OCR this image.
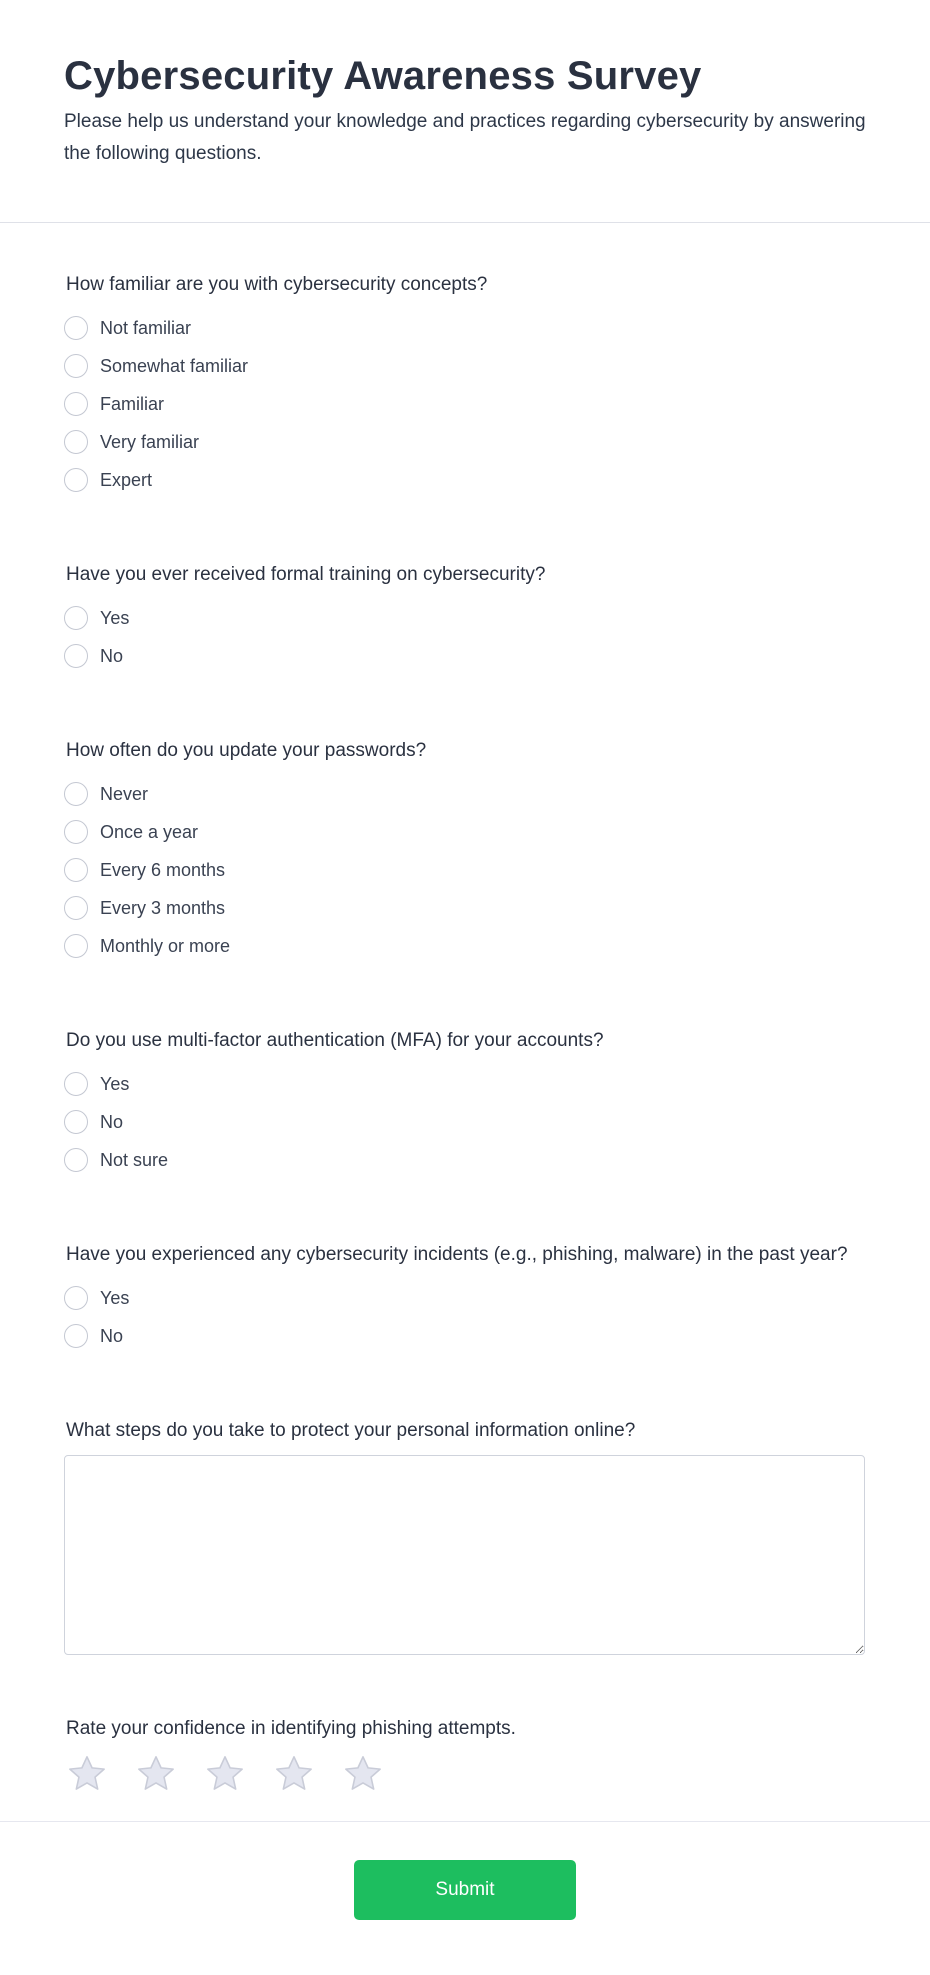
Cybersecurity Awareness Survey

Please help us understand your knowledge and practices regarding cybersecurity by answering the following questions.

How familiar are you with cybersecurity concepts?
Not familiar
Somewhat familiar
Familiar
Very familiar
Expert
Have you ever received formal training on cybersecurity?
Yes
No
How often do you update your passwords?
Never
Once a year
Every 6 months
Every 3 months
Monthly or more
Do you use multi-factor authentication (MFA) for your accounts?
Yes
No
Not sure
Have you experienced any cybersecurity incidents (e.g., phishing, malware) in the past year?
Yes
No
What steps do you take to protect your personal information online?
Rate your confidence in identifying phishing attempts.
Submit
